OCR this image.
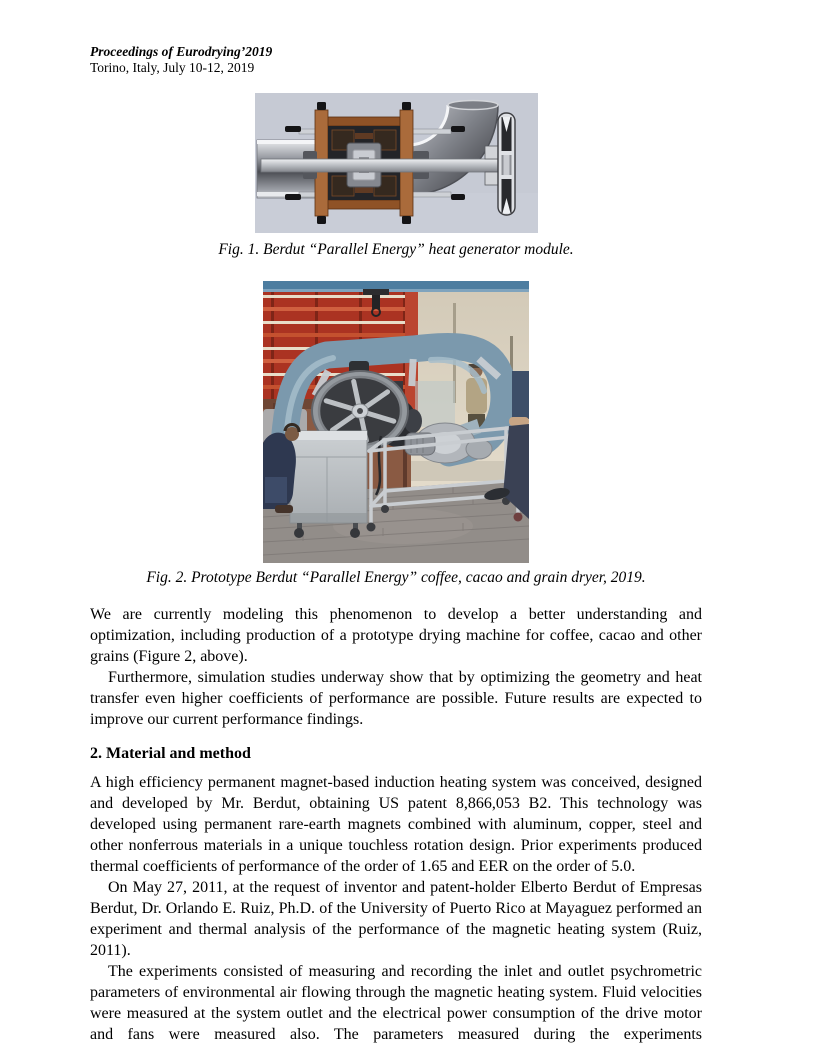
Proceedings of Eurodrying’2019
Torino, Italy, July 10-12, 2019

Fig. 1. Berdut “Parallel Energy” heat generator module.

Fig. 2. Prototype Berdut “Parallel Energy” coffee, cacao and grain dryer, 2019.

We are currently modeling this phenomenon to develop a better understanding and optimization, including production of a prototype drying machine for coffee, cacao and other grains (Figure 2, above).

Furthermore, simulation studies underway show that by optimizing the geometry and heat transfer even higher coefficients of performance are possible. Future results are expected to improve our current performance findings.

2. Material and method

A high efficiency permanent magnet-based induction heating system was conceived, designed and developed by Mr. Berdut, obtaining US patent 8,866,053 B2. This technology was developed using permanent rare-earth magnets combined with aluminum, copper, steel and other nonferrous materials in a unique touchless rotation design. Prior experiments produced thermal coefficients of performance of the order of 1.65 and EER on the order of 5.0.

On May 27, 2011, at the request of inventor and patent-holder Elberto Berdut of Empresas Berdut, Dr. Orlando E. Ruiz, Ph.D. of the University of Puerto Rico at Mayaguez performed an experiment and thermal analysis of the performance of the magnetic heating system (Ruiz, 2011).

The experiments consisted of measuring and recording the inlet and outlet psychrometric parameters of environmental air flowing through the magnetic heating system. Fluid velocities were measured at the system outlet and the electrical power consumption of the drive motor and fans were measured also. The parameters measured during the experiments
